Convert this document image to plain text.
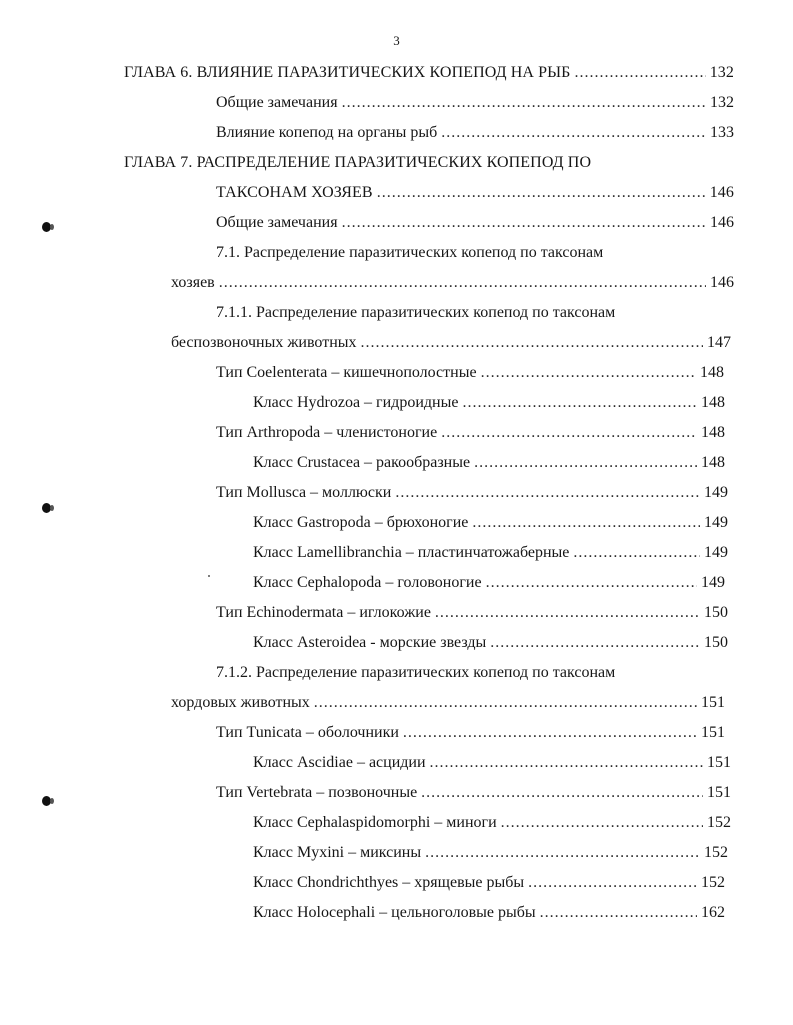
3
ГЛАВА 6. ВЛИЯНИЕ ПАРАЗИТИЧЕСКИХ КОПЕПОД НА РЫБ .....	132
Общие замечания .....	132
Влияние копепод на органы рыб .....	133
ГЛАВА 7. РАСПРЕДЕЛЕНИЕ ПАРАЗИТИЧЕСКИХ КОПЕПОД ПО
ТАКСОНАМ ХОЗЯЕВ .....	146
Общие замечания .....	146
7.1. Распределение паразитических копепод по таксонам
хозяев .....	146
7.1.1. Распределение паразитических копепод по таксонам
беспозвоночных животных .....	147
Тип Coelenterata – кишечнополостные .....	148
Класс Hydrozoa – гидроидные .....	148
Тип Arthropoda – членистоногие .....	148
Класс Crustacea – ракообразные .....	148
Тип Mollusca – моллюски .....	149
Класс Gastropoda – брюхоногие .....	149
Класс Lamellibranchia – пластинчатожаберные .....	149
Класс Cephalopoda – головоногие .....	149
Тип Echinodermata – иглокожие .....	150
Класс Asteroidea - морские звезды .....	150
7.1.2. Распределение паразитических копепод по таксонам
хордовых животных .....	151
Тип Tunicata – оболочники .....	151
Класс Ascidiae – асцидии .....	151
Тип Vertebrata – позвоночные .....	151
Класс Cephalaspidomorphi – миноги .....	152
Класс Myxini – миксины .....	152
Класс Chondrichthyes – хрящевые рыбы .....	152
Класс Holocephali – цельноголовые рыбы .....	162
